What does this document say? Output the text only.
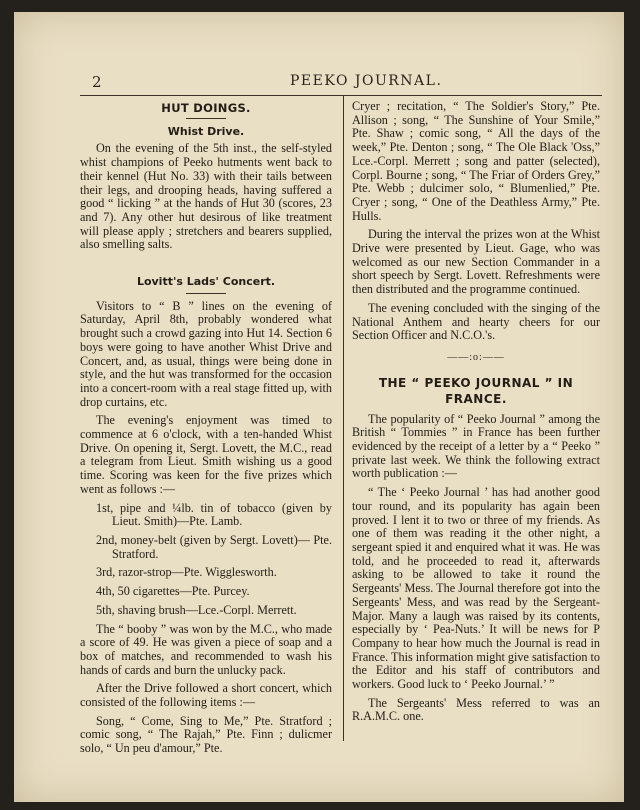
2	PEEKO JOURNAL.
HUT DOINGS.
Whist Drive.

On the evening of the 5th inst., the self-styled whist champions of Peeko hutments went back to their kennel (Hut No. 33) with their tails between their legs, and drooping heads, having suffered a good “ licking ” at the hands of Hut 30 (scores, 23 and 7). Any other hut desirous of like treatment will please apply ; stretchers and bearers supplied, also smelling salts.

Lovitt's Lads' Concert.

Visitors to “ B ” lines on the evening of Saturday, April 8th, probably wondered what brought such a crowd gazing into Hut 14. Section 6 boys were going to have another Whist Drive and Concert, and, as usual, things were being done in style, and the hut was transformed for the occasion into a concert-room with a real stage fitted up, with drop curtains, etc.

The evening's enjoyment was timed to commence at 6 o'clock, with a ten-handed Whist Drive. On opening it, Sergt. Lovett, the M.C., read a telegram from Lieut. Smith wishing us a good time. Scoring was keen for the five prizes which went as follows :—

1st, pipe and ¼lb. tin of tobacco (given by Lieut. Smith)—Pte. Lamb.

2nd, money-belt (given by Sergt. Lovett)— Pte. Stratford.

3rd, razor-strop—Pte. Wigglesworth.

4th, 50 cigarettes—Pte. Purcey.

5th, shaving brush—Lce.-Corpl. Merrett.

The “ booby ” was won by the M.C., who made a score of 49. He was given a piece of soap and a box of matches, and recommended to wash his hands of cards and burn the unlucky pack.

After the Drive followed a short concert, which consisted of the following items :—

Song, “ Come, Sing to Me,” Pte. Stratford ; comic song, “ The Rajah,” Pte. Finn ; dulicmer solo, “ Un peu d'amour,” Pte.

Cryer ; recitation, “ The Soldier's Story,” Pte. Allison ; song, “ The Sunshine of Your Smile,” Pte. Shaw ; comic song, “ All the days of the week,” Pte. Denton ; song, “ The Ole Black 'Oss,” Lce.-Corpl. Merrett ; song and patter (selected), Corpl. Bourne ; song, “ The Friar of Orders Grey,” Pte. Webb ; dulcimer solo, “ Blumenlied,” Pte. Cryer ; song, “ One of the Deathless Army,” Pte. Hulls.

During the interval the prizes won at the Whist Drive were presented by Lieut. Gage, who was welcomed as our new Section Commander in a short speech by Sergt. Lovett. Refreshments were then distributed and the programme continued.

The evening concluded with the singing of the National Anthem and hearty cheers for our Section Officer and N.C.O.'s.

——:o:——
THE “ PEEKO JOURNAL ” IN
FRANCE.

The popularity of “ Peeko Journal ” among the British “ Tommies ” in France has been further evidenced by the receipt of a letter by a “ Peeko ” private last week. We think the following extract worth publication :—

“ The ‘ Peeko Journal ’ has had another good tour round, and its popularity has again been proved. I lent it to two or three of my friends. As one of them was reading it the other night, a sergeant spied it and enquired what it was. He was told, and he proceeded to read it, afterwards asking to be allowed to take it round the Sergeants' Mess. The Journal therefore got into the Sergeants' Mess, and was read by the Sergeant-Major. Many a laugh was raised by its contents, especially by ‘ Pea-Nuts.’ It will be news for P Company to hear how much the Journal is read in France. This information might give satisfaction to the Editor and his staff of contributors and workers. Good luck to ‘ Peeko Journal.’ ”

The Sergeants' Mess referred to was an R.A.M.C. one.
